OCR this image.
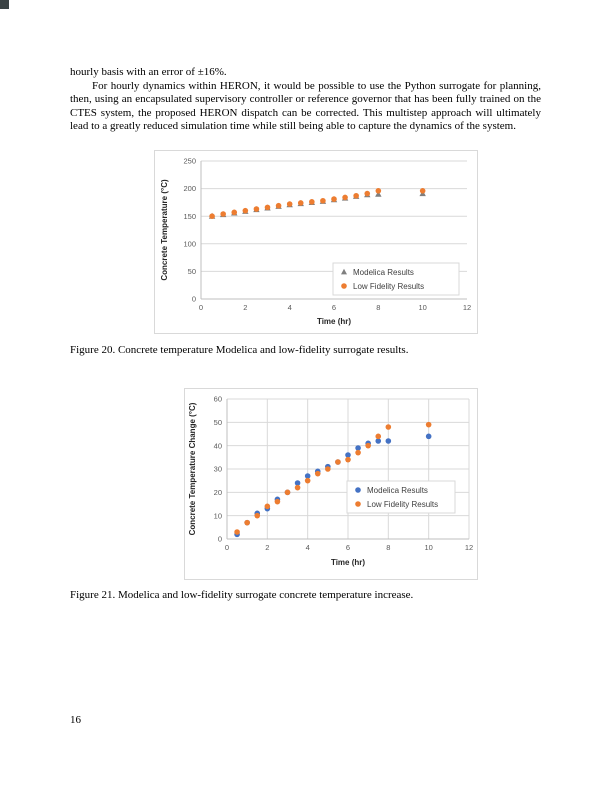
hourly basis with an error of ±16%.

For hourly dynamics within HERON, it would be possible to use the Python surrogate for planning, then, using an encapsulated supervisory controller or reference governor that has been fully trained on the CTES system, the proposed HERON dispatch can be corrected. This multistep approach will ultimately lead to a greatly reduced simulation time while still being able to capture the dynamics of the system.

0
50
100
150
200
250
0	2	4	6	8	10	12
Time (hr)
Concrete Temperature (°C)	Modelica Results
Low Fidelity Results

Figure 20. Concrete temperature Modelica and low-fidelity surrogate results.

0
10
20
30
40
50
60
0	2	4	6	8	10	12
Time (hr)
Concrete Temperature Change (°C)	Modelica Results
Low Fidelity Results

Figure 21. Modelica and low-fidelity surrogate concrete temperature increase.

16
